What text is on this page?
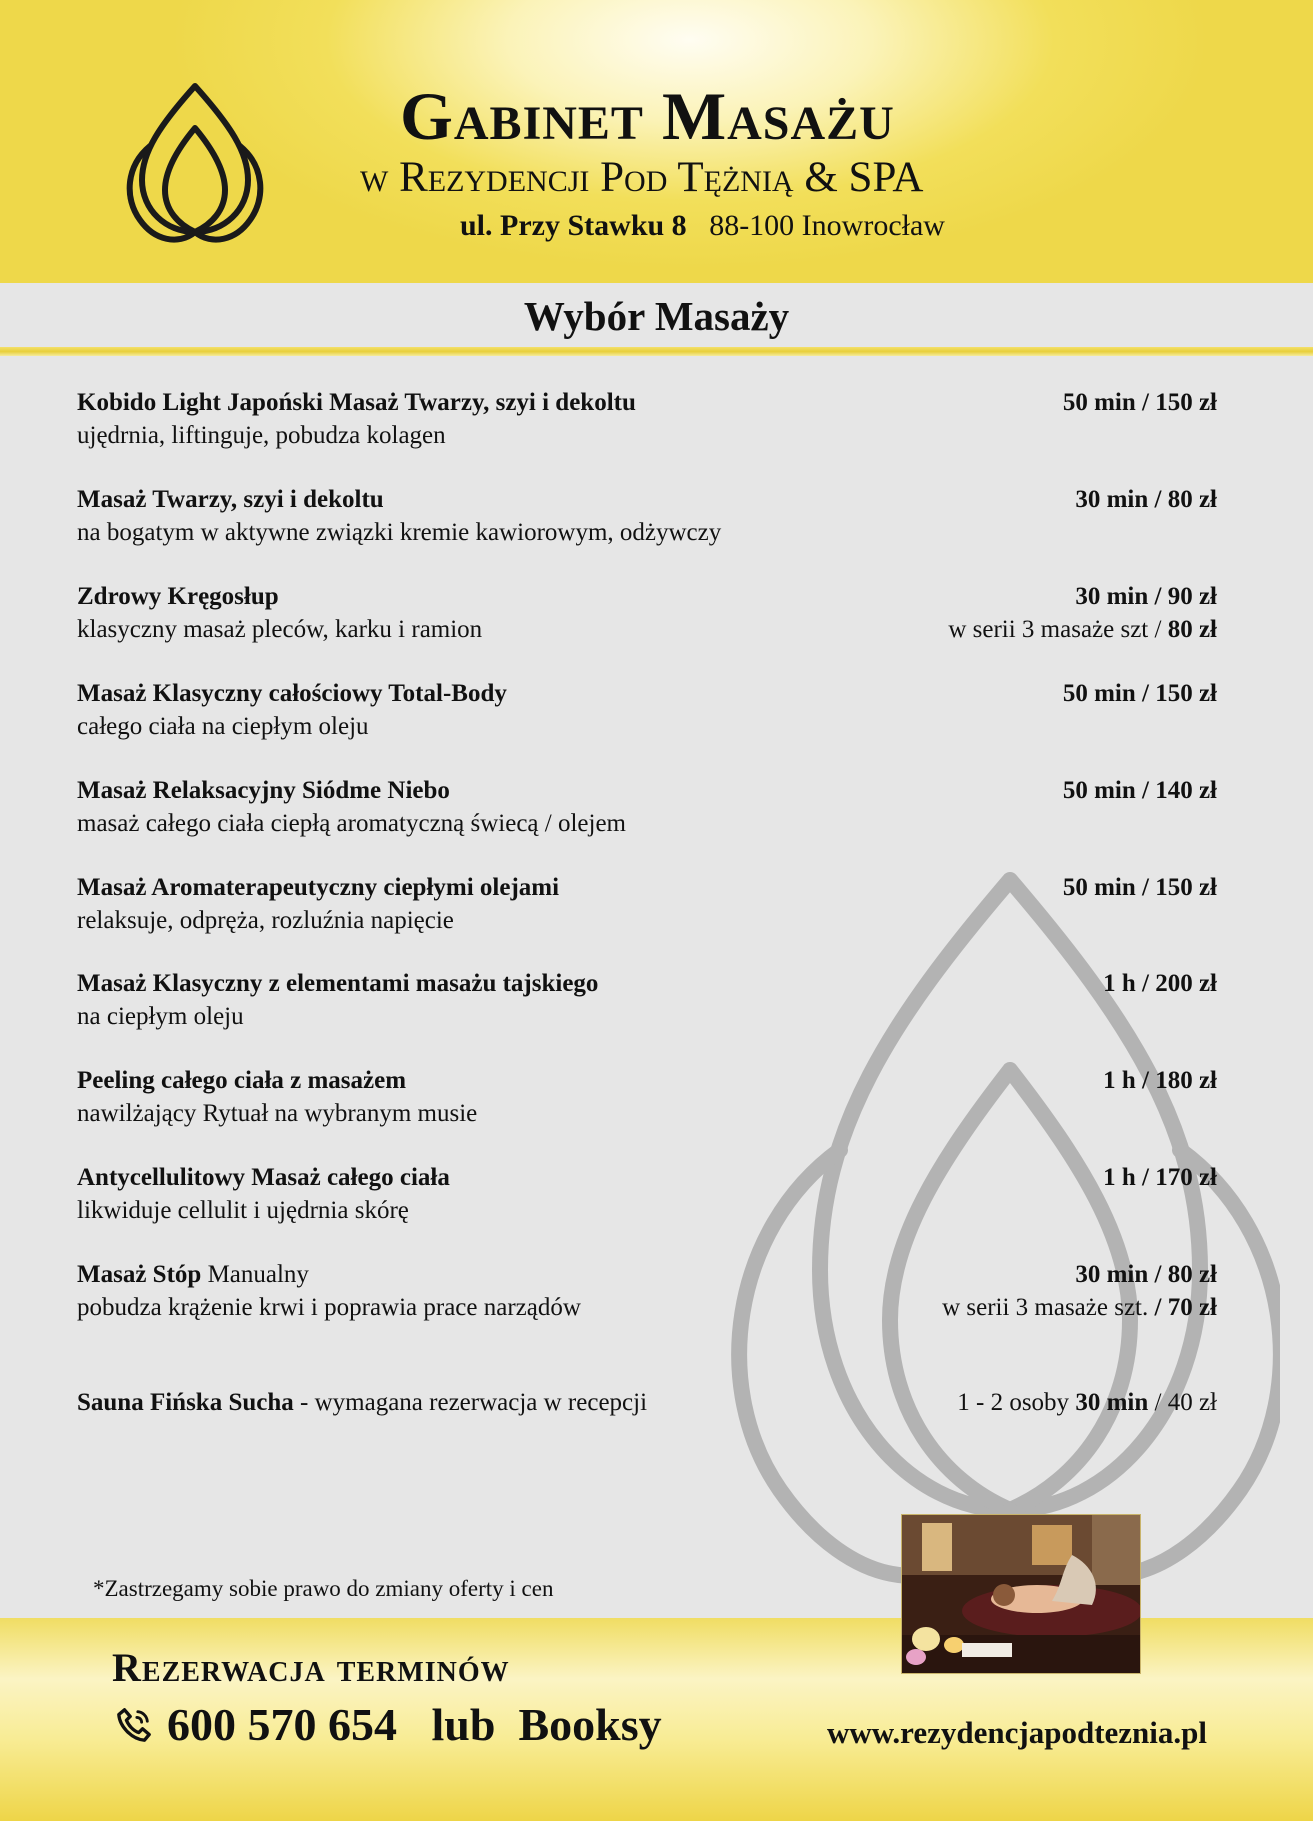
Gabinet Masażu
w Rezydencji Pod Tężnią & SPA
ul. Przy Stawku 8 88-100 Inowrocław
Wybór Masaży
Kobido Light Japoński Masaż Twarzy, szyi i dekoltu
ujędrnia, liftinguje, pobudza kolagen
50 min / 150 zł
Masaż Twarzy, szyi i dekoltu
na bogatym w aktywne związki kremie kawiorowym, odżywczy
30 min / 80 zł
Zdrowy Kręgosłup
klasyczny masaż pleców, karku i ramion
30 min / 90 zł
w serii 3 masaże szt / 80 zł
Masaż Klasyczny całościowy Total-Body
całego ciała na ciepłym oleju
50 min / 150 zł
Masaż Relaksacyjny Siódme Niebo
masaż całego ciała ciepłą aromatyczną świecą / olejem
50 min / 140 zł
Masaż Aromaterapeutyczny ciepłymi olejami
relaksuje, odpręża, rozluźnia napięcie
50 min / 150 zł
Masaż Klasyczny z elementami masażu tajskiego
na ciepłym oleju
1 h / 200 zł
Peeling całego ciała z masażem
nawilżający Rytuał na wybranym musie
1 h / 180 zł
Antycellulitowy Masaż całego ciała
likwiduje cellulit i ujędrnia skórę
1 h / 170 zł
Masaż Stóp Manualny
pobudza krążenie krwi i poprawia prace narządów
30 min / 80 zł
w serii 3 masaże szt. / 70 zł
Sauna Fińska Sucha - wymagana rezerwacja w recepcji	1 - 2 osoby 30 min / 40 zł
*Zastrzegamy sobie prawo do zmiany oferty i cen
Rezerwacja terminów
600 570 654   lub  Booksy	www.rezydencjapodteznia.pl
